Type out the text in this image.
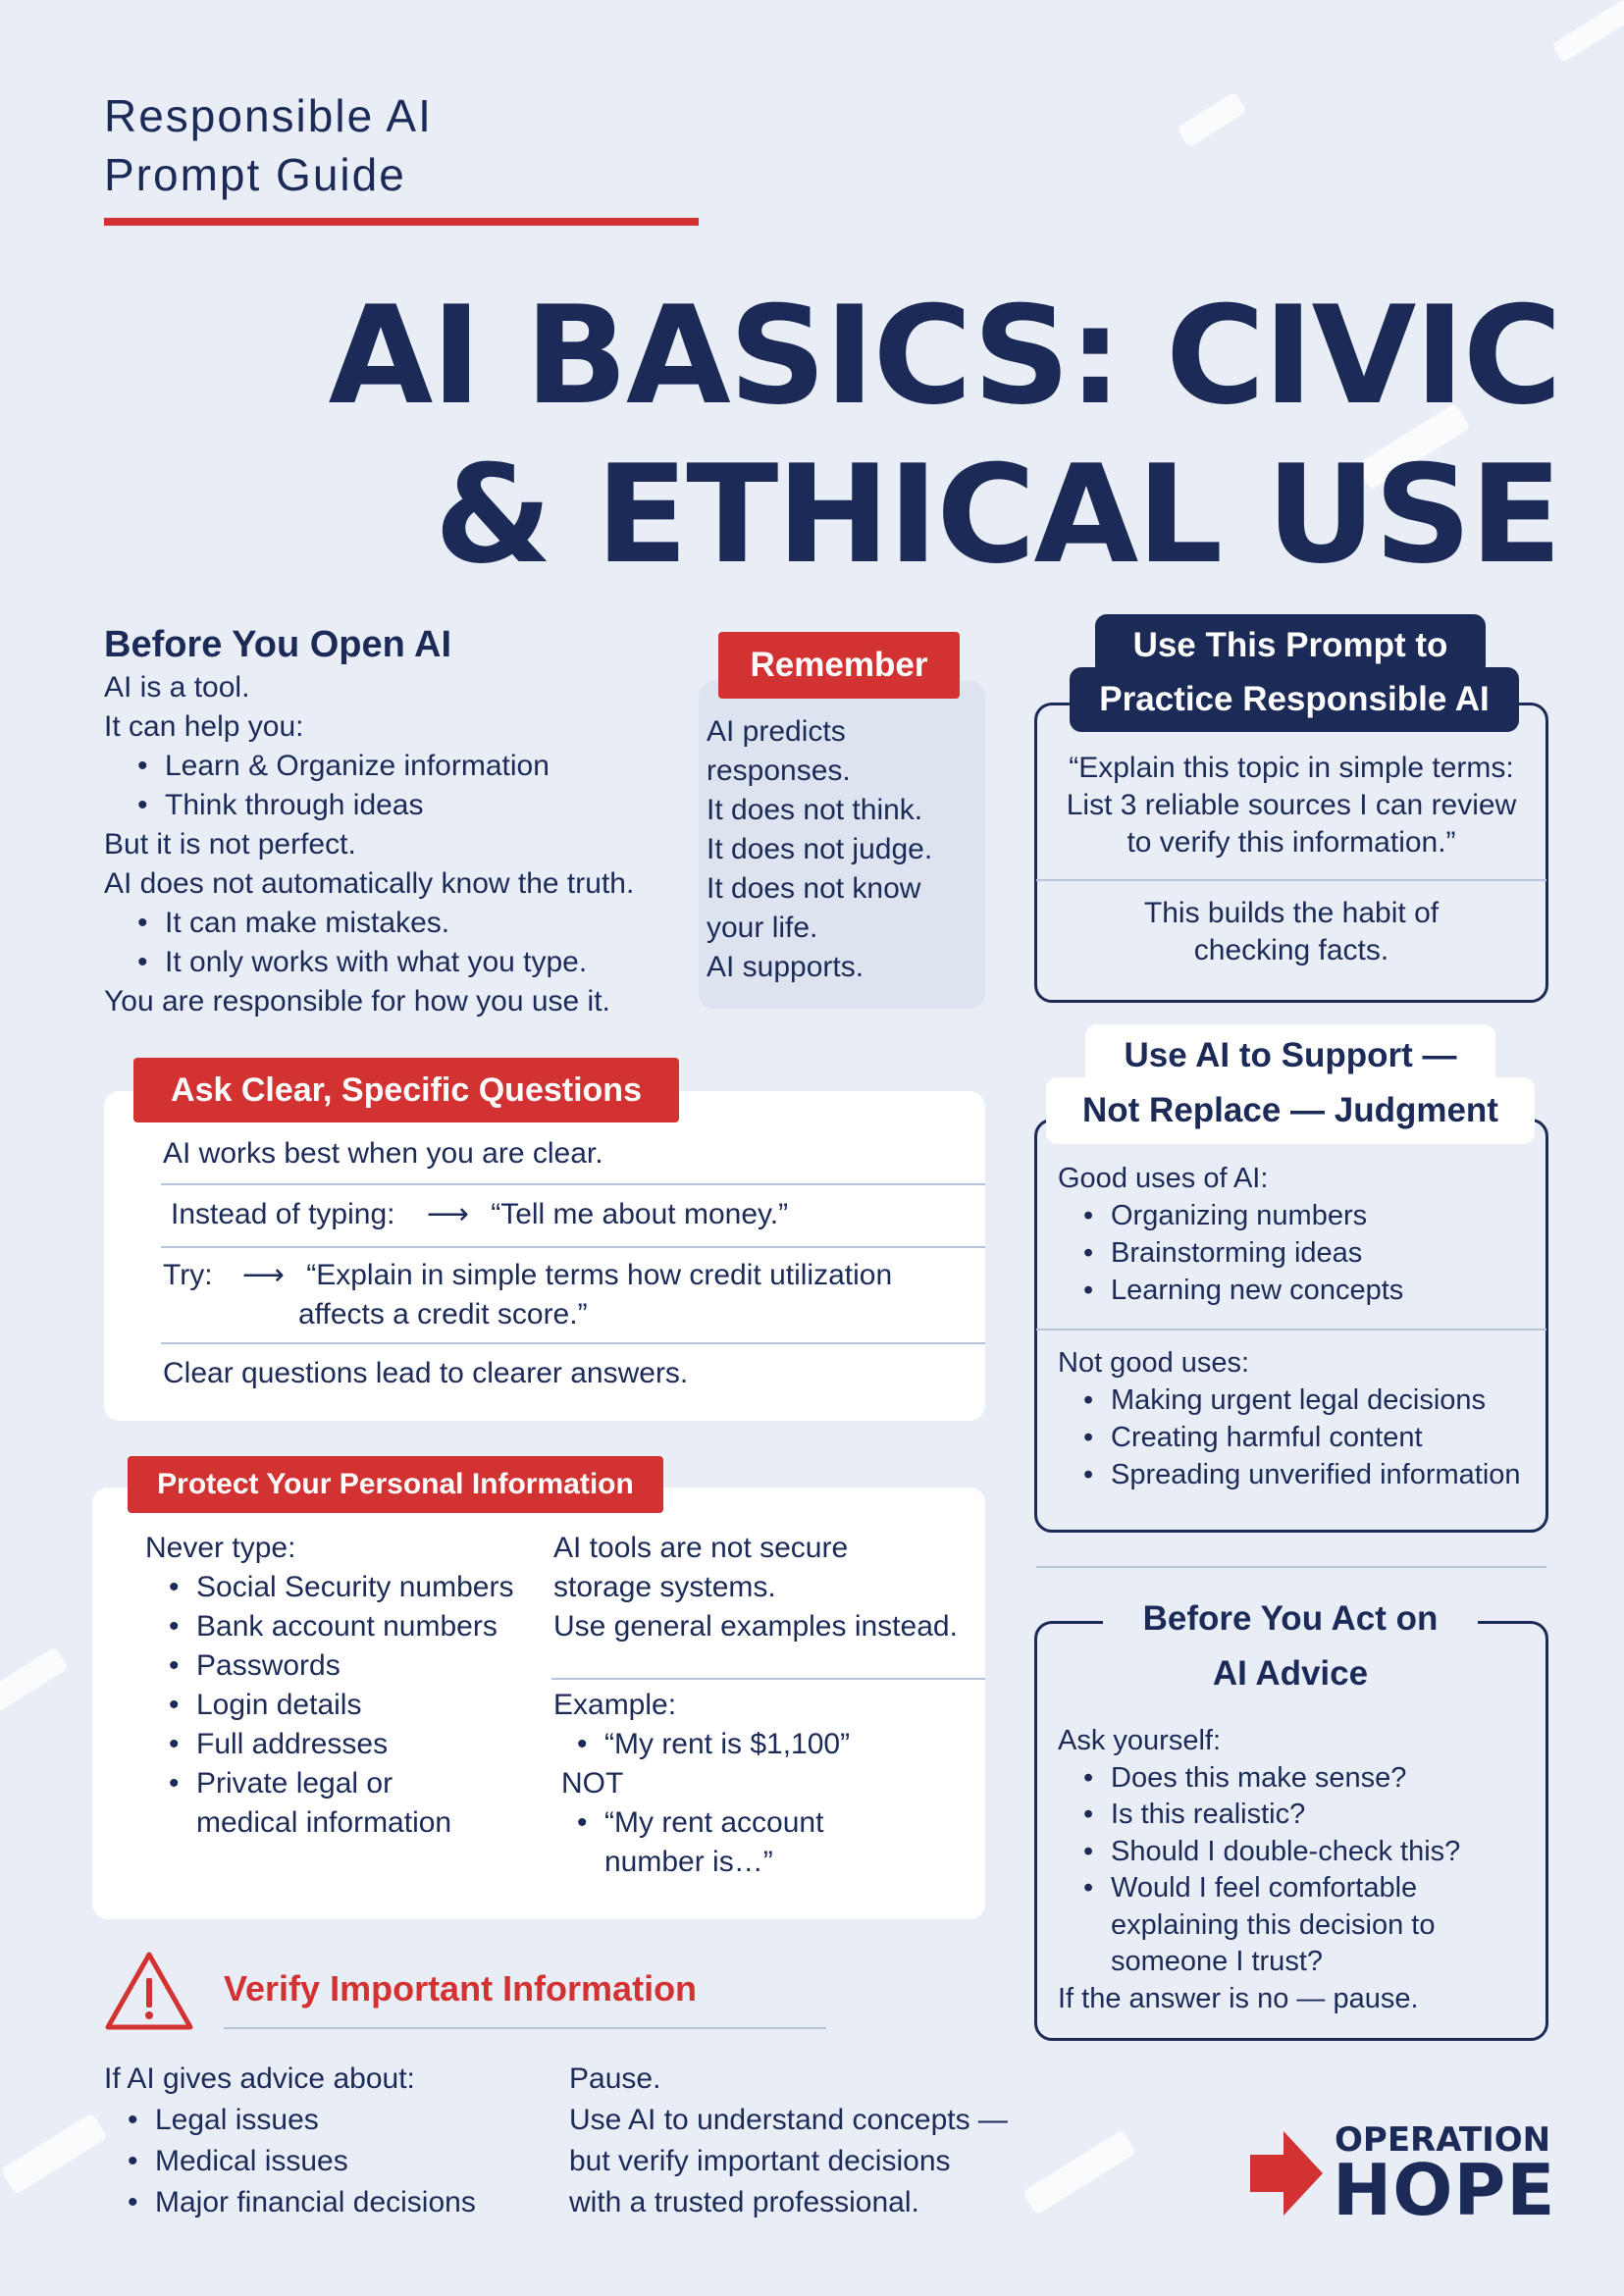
Responsible AI
Prompt Guide
AI BASICS: CIVIC
& ETHICAL USE
Before You Open AI
AI is a tool.
It can help you:
• Learn & Organize information
• Think through ideas
But it is not perfect.
AI does not automatically know the truth.
• It can make mistakes.
• It only works with what you type.
You are responsible for how you use it.
Remember
AI predicts
responses.
It does not think.
It does not judge.
It does not know
your life.
AI supports.
Ask Clear, Specific Questions
AI works best when you are clear.
Instead of typing: ⟶ “Tell me about money.”
Try: ⟶ “Explain in simple terms how credit utilization
affects a credit score.”
Clear questions lead to clearer answers.
Protect Your Personal Information
Never type:
• Social Security numbers
• Bank account numbers
• Passwords
• Login details
• Full addresses
• Private legal or medical information
AI tools are not secure
storage systems.
Use general examples instead.
Example:
• “My rent is $1,100”
NOT
• “My rent account number is…”
Verify Important Information
If AI gives advice about:
• Legal issues
• Medical issues
• Major financial decisions
Pause.
Use AI to understand concepts —
but verify important decisions
with a trusted professional.
Use This Prompt to
Practice Responsible AI
“Explain this topic in simple terms:
List 3 reliable sources I can review
to verify this information.”
This builds the habit of
checking facts.
Use AI to Support —
Not Replace — Judgment
Good uses of AI:
• Organizing numbers
• Brainstorming ideas
• Learning new concepts
Not good uses:
• Making urgent legal decisions
• Creating harmful content
• Spreading unverified information
Before You Act on
AI Advice
Ask yourself:
• Does this make sense?
• Is this realistic?
• Should I double-check this?
• Would I feel comfortable explaining this decision to someone I trust?
If the answer is no — pause.
OPERATION
HOPE
